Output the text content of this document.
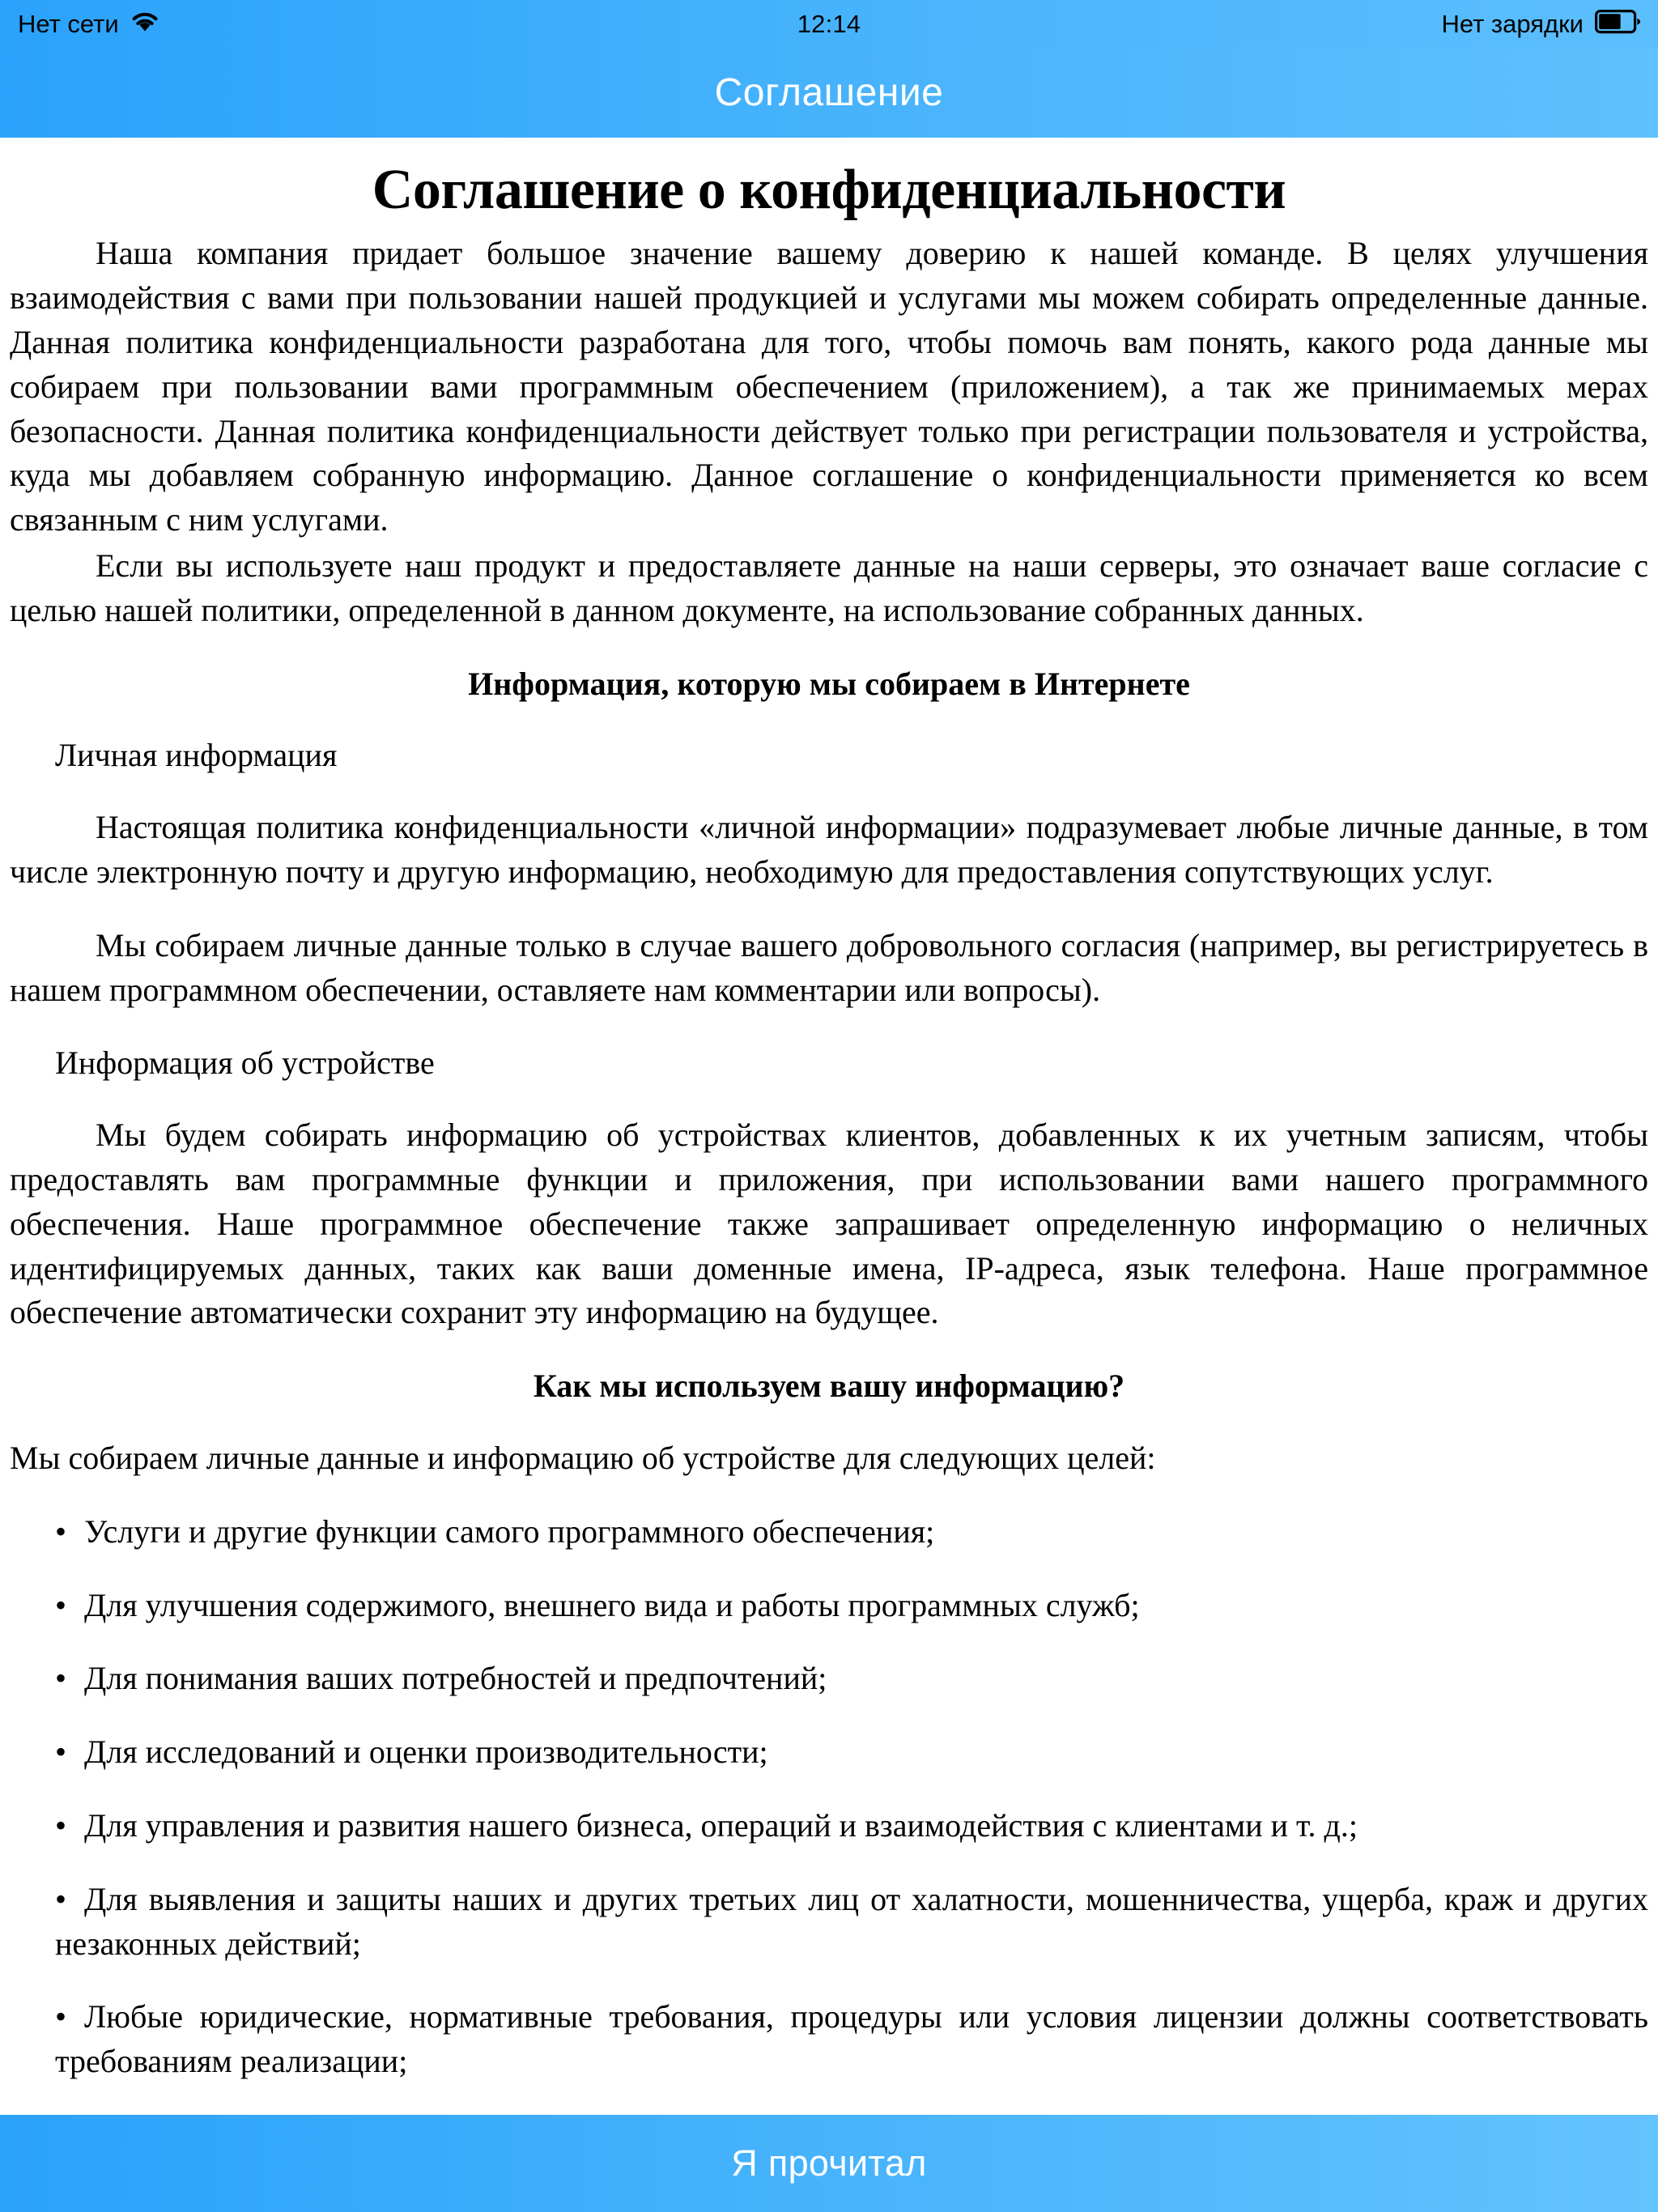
Нет сети	12:14	Нет зарядки
Соглашение
Соглашение о конфиденциальности

Наша компания придает большое значение вашему доверию к нашей команде. В целях улучшения взаимодействия с вами при пользовании нашей продукцией и услугами мы можем собирать определенные данные. Данная политика конфиденциальности разработана для того, чтобы помочь вам понять, какого рода данные мы собираем при пользовании вами программным обеспечением (приложением), а так же принимаемых мерах безопасности. Данная политика конфиденциальности действует только при регистрации пользователя и устройства, куда мы добавляем собранную информацию. Данное соглашение о конфиденциальности применяется ко всем связанным с ним услугами.

Если вы используете наш продукт и предоставляете данные на наши серверы, это означает ваше согласие с целью нашей политики, определенной в данном документе, на использование собранных данных.

Информация, которую мы собираем в Интернете
Личная информация

Настоящая политика конфиденциальности «личной информации» подразумевает любые личные данные, в том числе электронную почту и другую информацию, необходимую для предоставления сопутствующих услуг.

Мы собираем личные данные только в случае вашего добровольного согласия (например, вы регистрируетесь в нашем программном обеспечении, оставляете нам комментарии или вопросы).

Информация об устройстве

Мы будем собирать информацию об устройствах клиентов, добавленных к их учетным записям, чтобы предоставлять вам программные функции и приложения, при использовании вами нашего программного обеспечения. Наше программное обеспечение также запрашивает определенную информацию о неличных идентифицируемых данных, таких как ваши доменные имена, IP-адреса, язык телефона. Наше программное обеспечение автоматически сохранит эту информацию на будущее.

Как мы используем вашу информацию?

Мы собираем личные данные и информацию об устройстве для следующих целей:

• Услуги и другие функции самого программного обеспечения;
• Для улучшения содержимого, внешнего вида и работы программных служб;
• Для понимания ваших потребностей и предпочтений;
• Для исследований и оценки производительности;
• Для управления и развития нашего бизнеса, операций и взаимодействия с клиентами и т. д.;
• Для выявления и защиты наших и других третьих лиц от халатности, мошенничества, ущерба, краж и других незаконных действий;
• Любые юридические, нормативные требования, процедуры или условия лицензии должны соответствовать требованиям реализации;

Я прочитал
